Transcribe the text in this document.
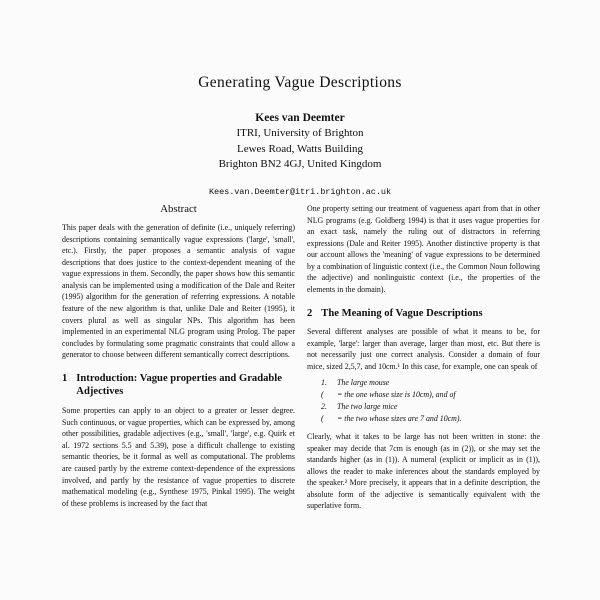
Generating Vague Descriptions
Kees van Deemter
ITRI, University of Brighton
Lewes Road, Watts Building
Brighton BN2 4GJ, United Kingdom
Kees.van.Deemter@itri.brighton.ac.uk
Abstract

This paper deals with the generation of definite (i.e., uniquely referring) descriptions containing semantically vague expressions ('large', 'small', etc.). Firstly, the paper proposes a semantic analysis of vague descriptions that does justice to the context-dependent meaning of the vague expressions in them. Secondly, the paper shows how this semantic analysis can be implemented using a modification of the Dale and Reiter (1995) algorithm for the generation of referring expressions. A notable feature of the new algorithm is that, unlike Dale and Reiter (1995), it covers plural as well as singular NPs. This algorithm has been implemented in an experimental NLG program using Prolog. The paper concludes by formulating some pragmatic constraints that could allow a generator to choose between different semantically correct descriptions.

1 Introduction: Vague properties and Gradable Adjectives

Some properties can apply to an object to a greater or lesser degree. Such continuous, or vague properties, which can be expressed by, among other possibilities, gradable adjectives (e.g., 'small', 'large', e.g. Quirk et al. 1972 sections 5.5 and 5.39), pose a difficult challenge to existing semantic theories, be it formal as well as computational. The problems are caused partly by the extreme context-dependence of the expressions involved, and partly by the resistance of vague properties to discrete mathematical modeling (e.g., Synthese 1975, Pinkal 1995). The weight of these problems is increased by the fact that

One property setting our treatment of vagueness apart from that in other NLG programs (e.g. Goldberg 1994) is that it uses vague properties for an exact task, namely the ruling out of distractors in referring expressions (Dale and Reiter 1995). Another distinctive property is that our account allows the 'meaning' of vague expressions to be determined by a combination of linguistic context (i.e., the Common Noun following the adjective) and nonlinguistic context (i.e., the properties of the elements in the domain).

2 The Meaning of Vague Descriptions

Several different analyses are possible of what it means to be, for example, 'large': larger than average, larger than most, etc. But there is not necessarily just one correct analysis. Consider a domain of four mice, sized 2,5,7, and 10cm.¹ In this case, for example, one can speak of

1. The large mouse
( = the one whose size is 10cm), and of
2. The two large mice
( = the two whose sizes are 7 and 10cm).

Clearly, what it takes to be large has not been written in stone: the speaker may decide that 7cm is enough (as in (2)), or she may set the standards higher (as in (1)). A numeral (explicit or implicit as in (1)), allows the reader to make inferences about the standards employed by the speaker.² More precisely, it appears that in a definite description, the absolute form of the adjective is semantically equivalent with the superlative form.
